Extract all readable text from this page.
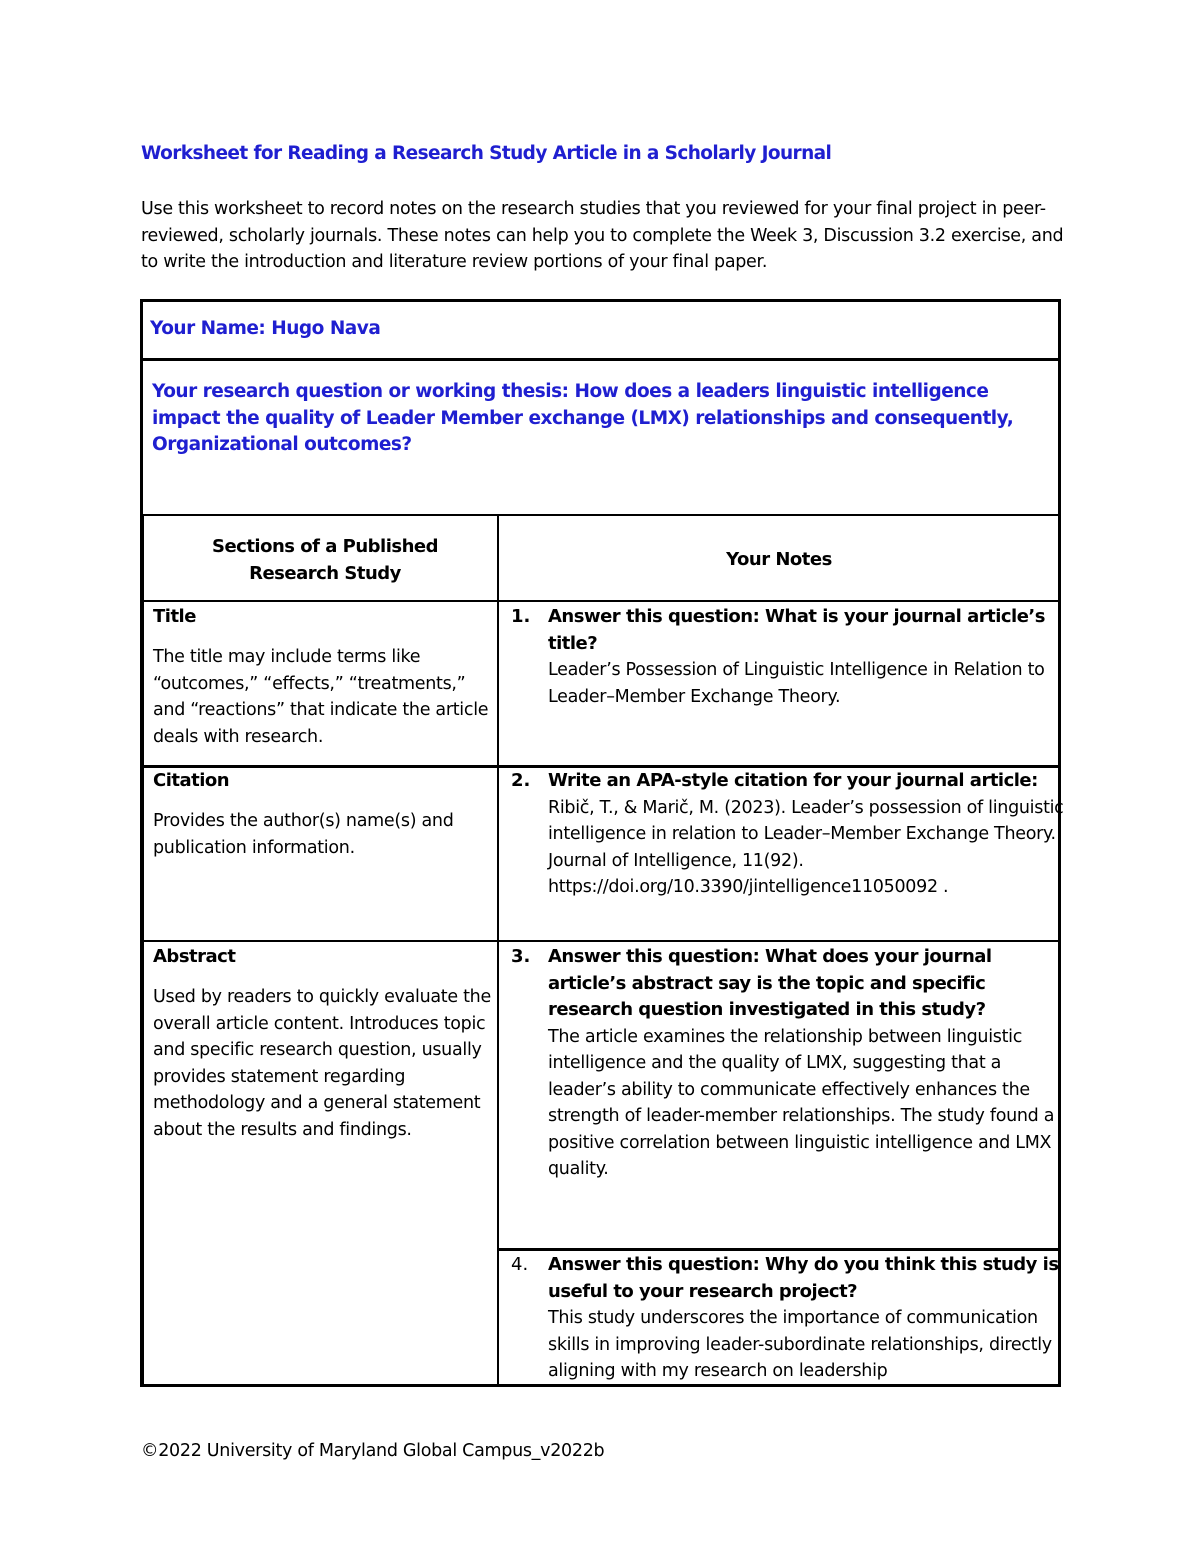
Worksheet for Reading a Research Study Article in a Scholarly Journal
Use this worksheet to record notes on the research studies that you reviewed for your final project in peer-reviewed, scholarly journals. These notes can help you to complete the Week 3, Discussion 3.2 exercise, and to write the introduction and literature review portions of your final paper.
Your Name: Hugo Nava
Your research question or working thesis: How does a leaders linguistic intelligence impact the quality of Leader Member exchange (LMX) relationships and consequently, Organizational outcomes?
Sections of a Published Research Study
Your Notes
Title
The title may include terms like “outcomes,” “effects,” “treatments,” and “reactions” that indicate the article deals with research.
1. Answer this question: What is your journal article’s title?
Leader’s Possession of Linguistic Intelligence in Relation to Leader–Member Exchange Theory.
Citation
Provides the author(s) name(s) and publication information.
2. Write an APA-style citation for your journal article:
Ribič, T., & Marič, M. (2023). Leader’s possession of linguistic intelligence in relation to Leader–Member Exchange Theory. Journal of Intelligence, 11(92). https://doi.org/10.3390/jintelligence11050092 .
Abstract
Used by readers to quickly evaluate the overall article content. Introduces topic and specific research question, usually provides statement regarding methodology and a general statement about the results and findings.
3. Answer this question: What does your journal article’s abstract say is the topic and specific research question investigated in this study?
The article examines the relationship between linguistic intelligence and the quality of LMX, suggesting that a leader’s ability to communicate effectively enhances the strength of leader-member relationships. The study found a positive correlation between linguistic intelligence and LMX quality.
4. Answer this question: Why do you think this study is useful to your research project?
This study underscores the importance of communication skills in improving leader-subordinate relationships, directly aligning with my research on leadership
©2022 University of Maryland Global Campus_v2022b
